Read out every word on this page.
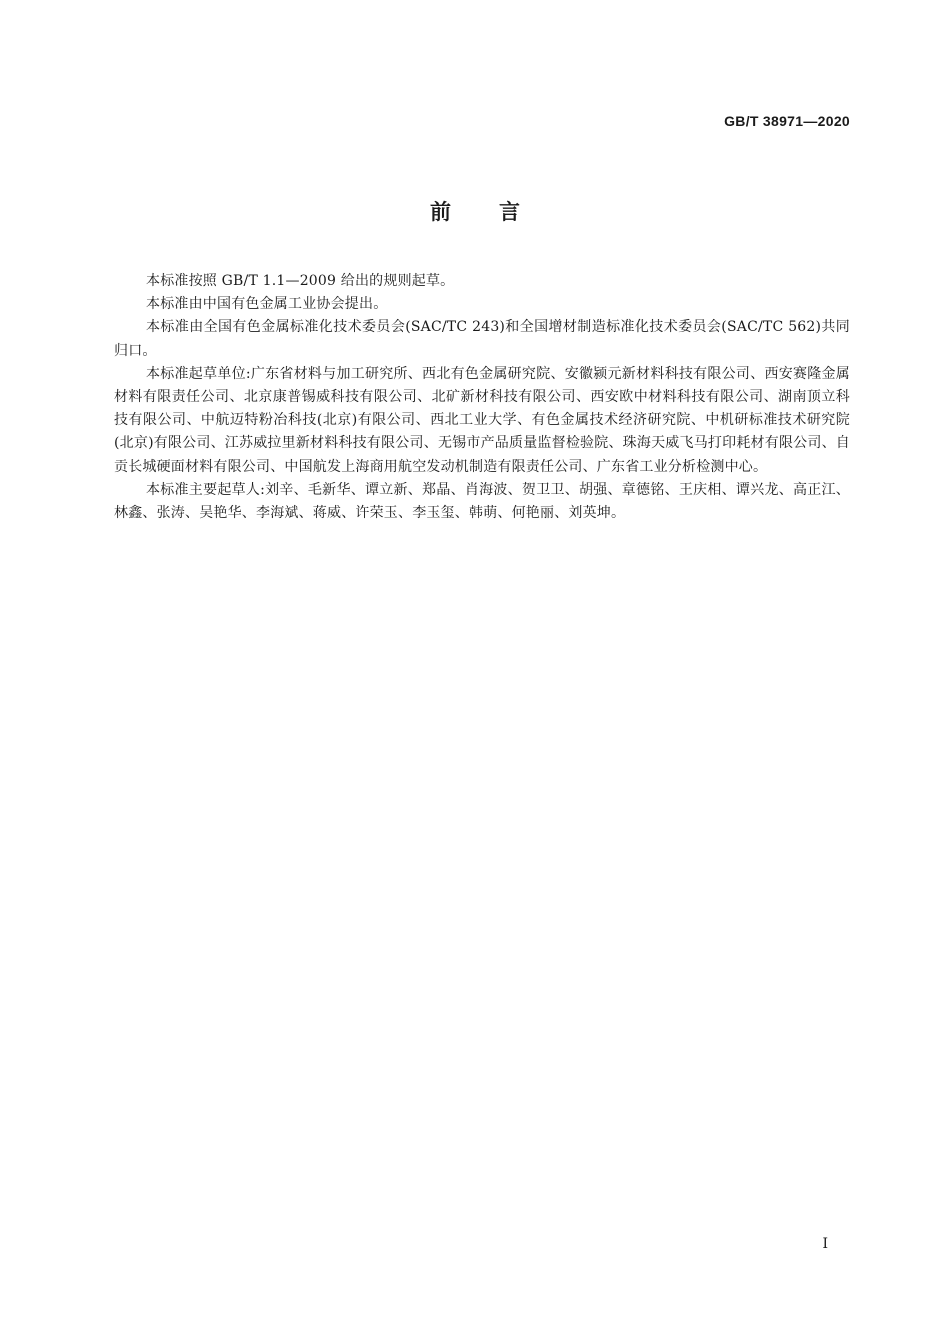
GB/T 38971—2020
前言

本标准按照 GB/T 1.1—2009 给出的规则起草。

本标准由中国有色金属工业协会提出。

本标准由全国有色金属标准化技术委员会(SAC/TC 243)和全国增材制造标准化技术委员会(SAC/TC 562)共同归口。

本标准起草单位:广东省材料与加工研究所、西北有色金属研究院、安徽颍元新材料科技有限公司、西安赛隆金属材料有限责任公司、北京康普锡威科技有限公司、北矿新材科技有限公司、西安欧中材料科技有限公司、湖南顶立科技有限公司、中航迈特粉冶科技(北京)有限公司、西北工业大学、有色金属技术经济研究院、中机研标准技术研究院(北京)有限公司、江苏威拉里新材料科技有限公司、无锡市产品质量监督检验院、珠海天威飞马打印耗材有限公司、自贡长城硬面材料有限公司、中国航发上海商用航空发动机制造有限责任公司、广东省工业分析检测中心。

本标准主要起草人:刘辛、毛新华、谭立新、郑晶、肖海波、贺卫卫、胡强、章德铭、王庆相、谭兴龙、高正江、林鑫、张涛、吴艳华、李海斌、蒋威、许荣玉、李玉玺、韩萌、何艳丽、刘英坤。

I
